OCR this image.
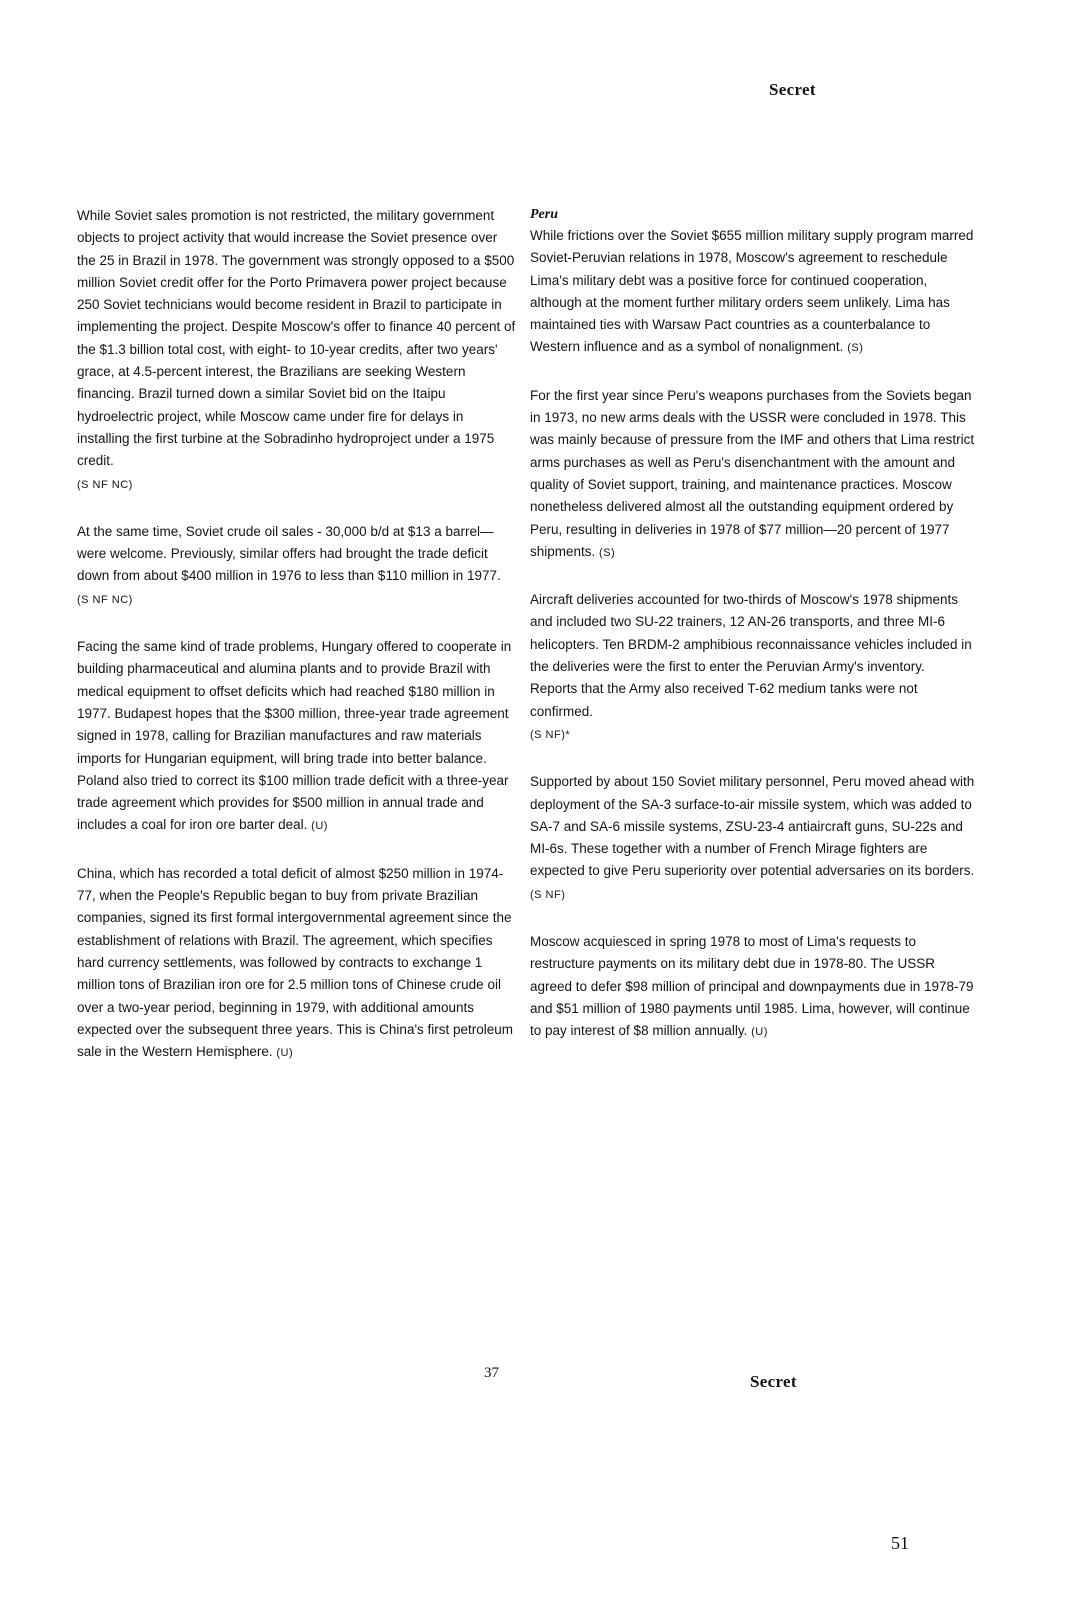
Secret

While Soviet sales promotion is not restricted, the military government objects to project activity that would increase the Soviet presence over the 25 in Brazil in 1978. The government was strongly opposed to a $500 million Soviet credit offer for the Porto Primavera power project because 250 Soviet technicians would become resident in Brazil to participate in implementing the project. Despite Moscow's offer to finance 40 percent of the $1.3 billion total cost, with eight- to 10-year credits, after two years' grace, at 4.5-percent interest, the Brazilians are seeking Western financing. Brazil turned down a similar Soviet bid on the Itaipu hydroelectric project, while Moscow came under fire for delays in installing the first turbine at the Sobradinho hydroproject under a 1975 credit.
(S NF NC)

At the same time, Soviet crude oil sales - 30,000 b/d at $13 a barrel—were welcome. Previously, similar offers had brought the trade deficit down from about $400 million in 1976 to less than $110 million in 1977.
(S NF NC)

Facing the same kind of trade problems, Hungary offered to cooperate in building pharmaceutical and alumina plants and to provide Brazil with medical equipment to offset deficits which had reached $180 million in 1977. Budapest hopes that the $300 million, three-year trade agreement signed in 1978, calling for Brazilian manufactures and raw materials imports for Hungarian equipment, will bring trade into better balance. Poland also tried to correct its $100 million trade deficit with a three-year trade agreement which provides for $500 million in annual trade and includes a coal for iron ore barter deal. (U)

China, which has recorded a total deficit of almost $250 million in 1974-77, when the People's Republic began to buy from private Brazilian companies, signed its first formal intergovernmental agreement since the establishment of relations with Brazil. The agreement, which specifies hard currency settlements, was followed by contracts to exchange 1 million tons of Brazilian iron ore for 2.5 million tons of Chinese crude oil over a two-year period, beginning in 1979, with additional amounts expected over the subsequent three years. This is China's first petroleum sale in the Western Hemisphere. (U)

Peru

While frictions over the Soviet $655 million military supply program marred Soviet-Peruvian relations in 1978, Moscow's agreement to reschedule Lima's military debt was a positive force for continued cooperation, although at the moment further military orders seem unlikely. Lima has maintained ties with Warsaw Pact countries as a counterbalance to Western influence and as a symbol of nonalignment. (S)

For the first year since Peru's weapons purchases from the Soviets began in 1973, no new arms deals with the USSR were concluded in 1978. This was mainly because of pressure from the IMF and others that Lima restrict arms purchases as well as Peru's disenchantment with the amount and quality of Soviet support, training, and maintenance practices. Moscow nonetheless delivered almost all the outstanding equipment ordered by Peru, resulting in deliveries in 1978 of $77 million—20 percent of 1977 shipments. (S)

Aircraft deliveries accounted for two-thirds of Moscow's 1978 shipments and included two SU-22 trainers, 12 AN-26 transports, and three MI-6 helicopters. Ten BRDM-2 amphibious reconnaissance vehicles included in the deliveries were the first to enter the Peruvian Army's inventory. Reports that the Army also received T-62 medium tanks were not confirmed.
(S NF)*

Supported by about 150 Soviet military personnel, Peru moved ahead with deployment of the SA-3 surface-to-air missile system, which was added to SA-7 and SA-6 missile systems, ZSU-23-4 antiaircraft guns, SU-22s and MI-6s. These together with a number of French Mirage fighters are expected to give Peru superiority over potential adversaries on its borders. (S NF)

Moscow acquiesced in spring 1978 to most of Lima's requests to restructure payments on its military debt due in 1978-80. The USSR agreed to defer $98 million of principal and downpayments due in 1978-79 and $51 million of 1980 payments until 1985. Lima, however, will continue to pay interest of $8 million annually. (U)

37	Secret
51
